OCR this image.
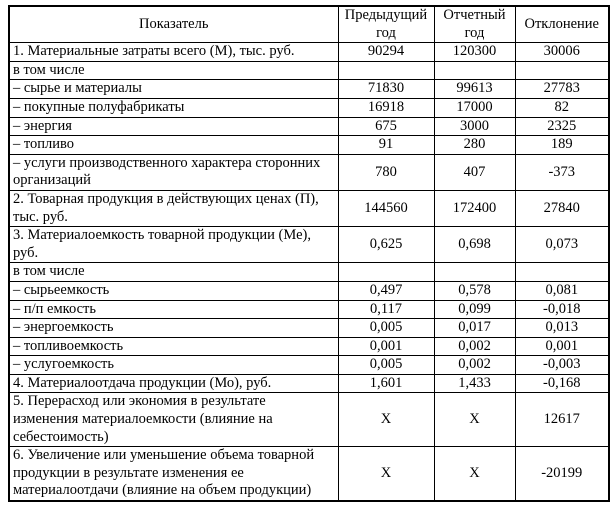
Показатель	Предыдущий год	Отчетный год	Отклонение
1. Материальные затраты всего (М), тыс. руб.	90294	120300	30006
в том числе			
– сырье и материалы	71830	99613	27783
– покупные полуфабрикаты	16918	17000	82
– энергия	675	3000	2325
– топливо	91	280	189
– услуги производственного характера сторонних организаций	780	407	-373
2. Товарная продукция в действующих ценах (П), тыс. руб.	144560	172400	27840
3. Материалоемкость товарной продукции (Ме), руб.	0,625	0,698	0,073
в том числе			
– сырьеемкость	0,497	0,578	0,081
– п/п емкость	0,117	0,099	-0,018
– энергоемкость	0,005	0,017	0,013
– топливоемкость	0,001	0,002	0,001
– услугоемкость	0,005	0,002	-0,003
4. Материалоотдача продукции (Мо), руб.	1,601	1,433	-0,168
5. Перерасход или экономия в результате изменения материалоемкости (влияние на себестоимость)	Х	Х	12617
6. Увеличение или уменьшение объема товарной продукции в результате изменения ее материалоотдачи (влияние на объем продукции)	Х	Х	-20199
